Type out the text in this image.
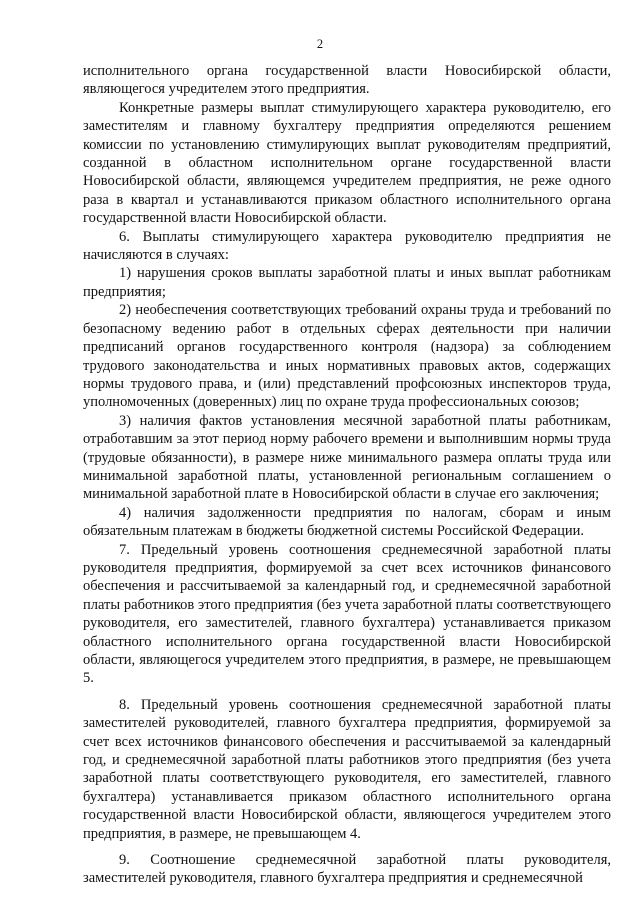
2

исполнительного органа государственной власти Новосибирской области, являющегося учредителем этого предприятия.

Конкретные размеры выплат стимулирующего характера руководителю, его заместителям и главному бухгалтеру предприятия определяются решением комиссии по установлению стимулирующих выплат руководителям предприятий, созданной в областном исполнительном органе государственной власти Новосибирской области, являющемся учредителем предприятия, не реже одного раза в квартал и устанавливаются приказом областного исполнительного органа государственной власти Новосибирской области.

6. Выплаты стимулирующего характера руководителю предприятия не начисляются в случаях:

1) нарушения сроков выплаты заработной платы и иных выплат работникам предприятия;

2) необеспечения соответствующих требований охраны труда и требований по безопасному ведению работ в отдельных сферах деятельности при наличии предписаний органов государственного контроля (надзора) за соблюдением трудового законодательства и иных нормативных правовых актов, содержащих нормы трудового права, и (или) представлений профсоюзных инспекторов труда, уполномоченных (доверенных) лиц по охране труда профессиональных союзов;

3) наличия фактов установления месячной заработной платы работникам, отработавшим за этот период норму рабочего времени и выполнившим нормы труда (трудовые обязанности), в размере ниже минимального размера оплаты труда или минимальной заработной платы, установленной региональным соглашением о минимальной заработной плате в Новосибирской области в случае его заключения;

4) наличия задолженности предприятия по налогам, сборам и иным обязательным платежам в бюджеты бюджетной системы Российской Федерации.

7. Предельный уровень соотношения среднемесячной заработной платы руководителя предприятия, формируемой за счет всех источников финансового обеспечения и рассчитываемой за календарный год, и среднемесячной заработной платы работников этого предприятия (без учета заработной платы соответствующего руководителя, его заместителей, главного бухгалтера) устанавливается приказом областного исполнительного органа государственной власти Новосибирской области, являющегося учредителем этого предприятия, в размере, не превышающем 5.

8. Предельный уровень соотношения среднемесячной заработной платы заместителей руководителей, главного бухгалтера предприятия, формируемой за счет всех источников финансового обеспечения и рассчитываемой за календарный год, и среднемесячной заработной платы работников этого предприятия (без учета заработной платы соответствующего руководителя, его заместителей, главного бухгалтера) устанавливается приказом областного исполнительного органа государственной власти Новосибирской области, являющегося учредителем этого предприятия, в размере, не превышающем 4.

9. Соотношение среднемесячной заработной платы руководителя, заместителей руководителя, главного бухгалтера предприятия и среднемесячной
